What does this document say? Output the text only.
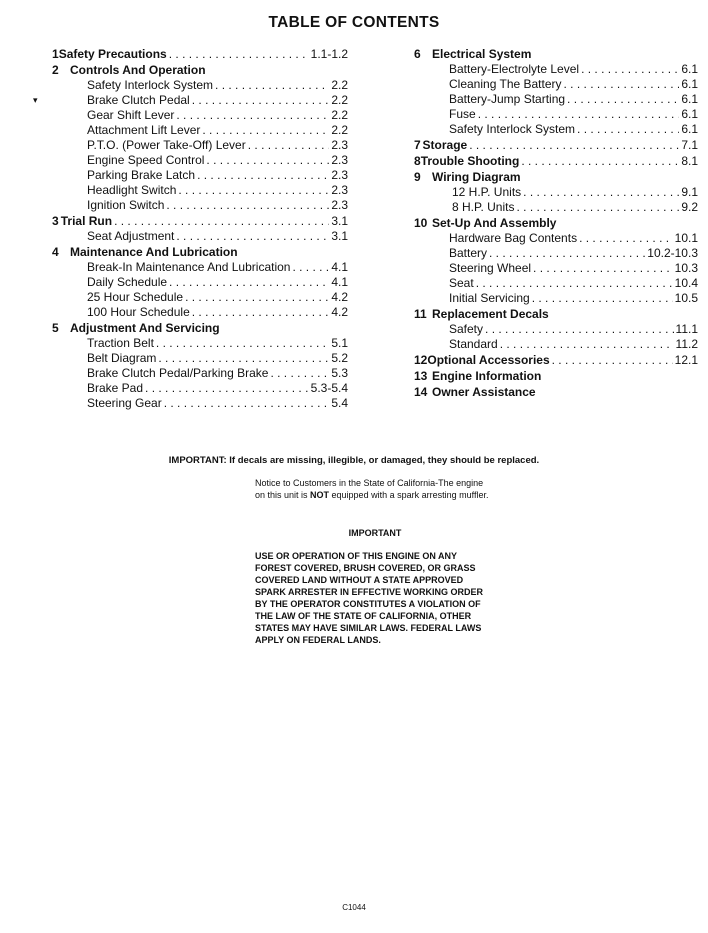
TABLE OF CONTENTS
▾
1 Safety Precautions . . .	1.1-1.2
2 Controls And Operation
Safety Interlock System . . .	2.2
Brake Clutch Pedal . . .	2.2
Gear Shift Lever . . .	2.2
Attachment Lift Lever . . .	2.2
P.T.O. (Power Take-Off) Lever . . .	2.3
Engine Speed Control . . .	2.3
Parking Brake Latch . . .	2.3
Headlight Switch . . .	2.3
Ignition Switch . . .	2.3
3 Trial Run . . .	3.1
Seat Adjustment . . .	3.1
4 Maintenance And Lubrication
Break-In Maintenance And Lubrication . . .	4.1
Daily Schedule . . .	4.1
25 Hour Schedule . . .	4.2
100 Hour Schedule . . .	4.2
5 Adjustment And Servicing
Traction Belt . . .	5.1
Belt Diagram . . .	5.2
Brake Clutch Pedal/Parking Brake . . .	5.3
Brake Pad . . .	5.3-5.4
Steering Gear . . .	5.4
6 Electrical System
Battery-Electrolyte Level . . .	6.1
Cleaning The Battery . . .	6.1
Battery-Jump Starting . . .	6.1
Fuse . . .	6.1
Safety Interlock System . . .	6.1
7 Storage . . .	7.1
8 Trouble Shooting . . .	8.1
9 Wiring Diagram
12 H.P. Units . . .	9.1
8 H.P. Units . . .	9.2
10 Set-Up And Assembly
Hardware Bag Contents . . .	10.1
Battery . . .	10.2-10.3
Steering Wheel . . .	10.3
Seat . . .	10.4
Initial Servicing . . .	10.5
11 Replacement Decals
Safety . . .	11.1
Standard . . .	11.2
12 Optional Accessories . . .	12.1
13 Engine Information
14 Owner Assistance
IMPORTANT: If decals are missing, illegible, or damaged, they should be replaced.
Notice to Customers in the State of California-The engine on this unit is NOT equipped with a spark arresting muffler.
IMPORTANT
USE OR OPERATION OF THIS ENGINE ON ANY FOREST COVERED, BRUSH COVERED, OR GRASS COVERED LAND WITHOUT A STATE APPROVED SPARK ARRESTER IN EFFECTIVE WORKING ORDER BY THE OPERATOR CONSTITUTES A VIOLATION OF THE LAW OF THE STATE OF CALIFORNIA, OTHER STATES MAY HAVE SIMILAR LAWS. FEDERAL LAWS APPLY ON FEDERAL LANDS.
C1044
